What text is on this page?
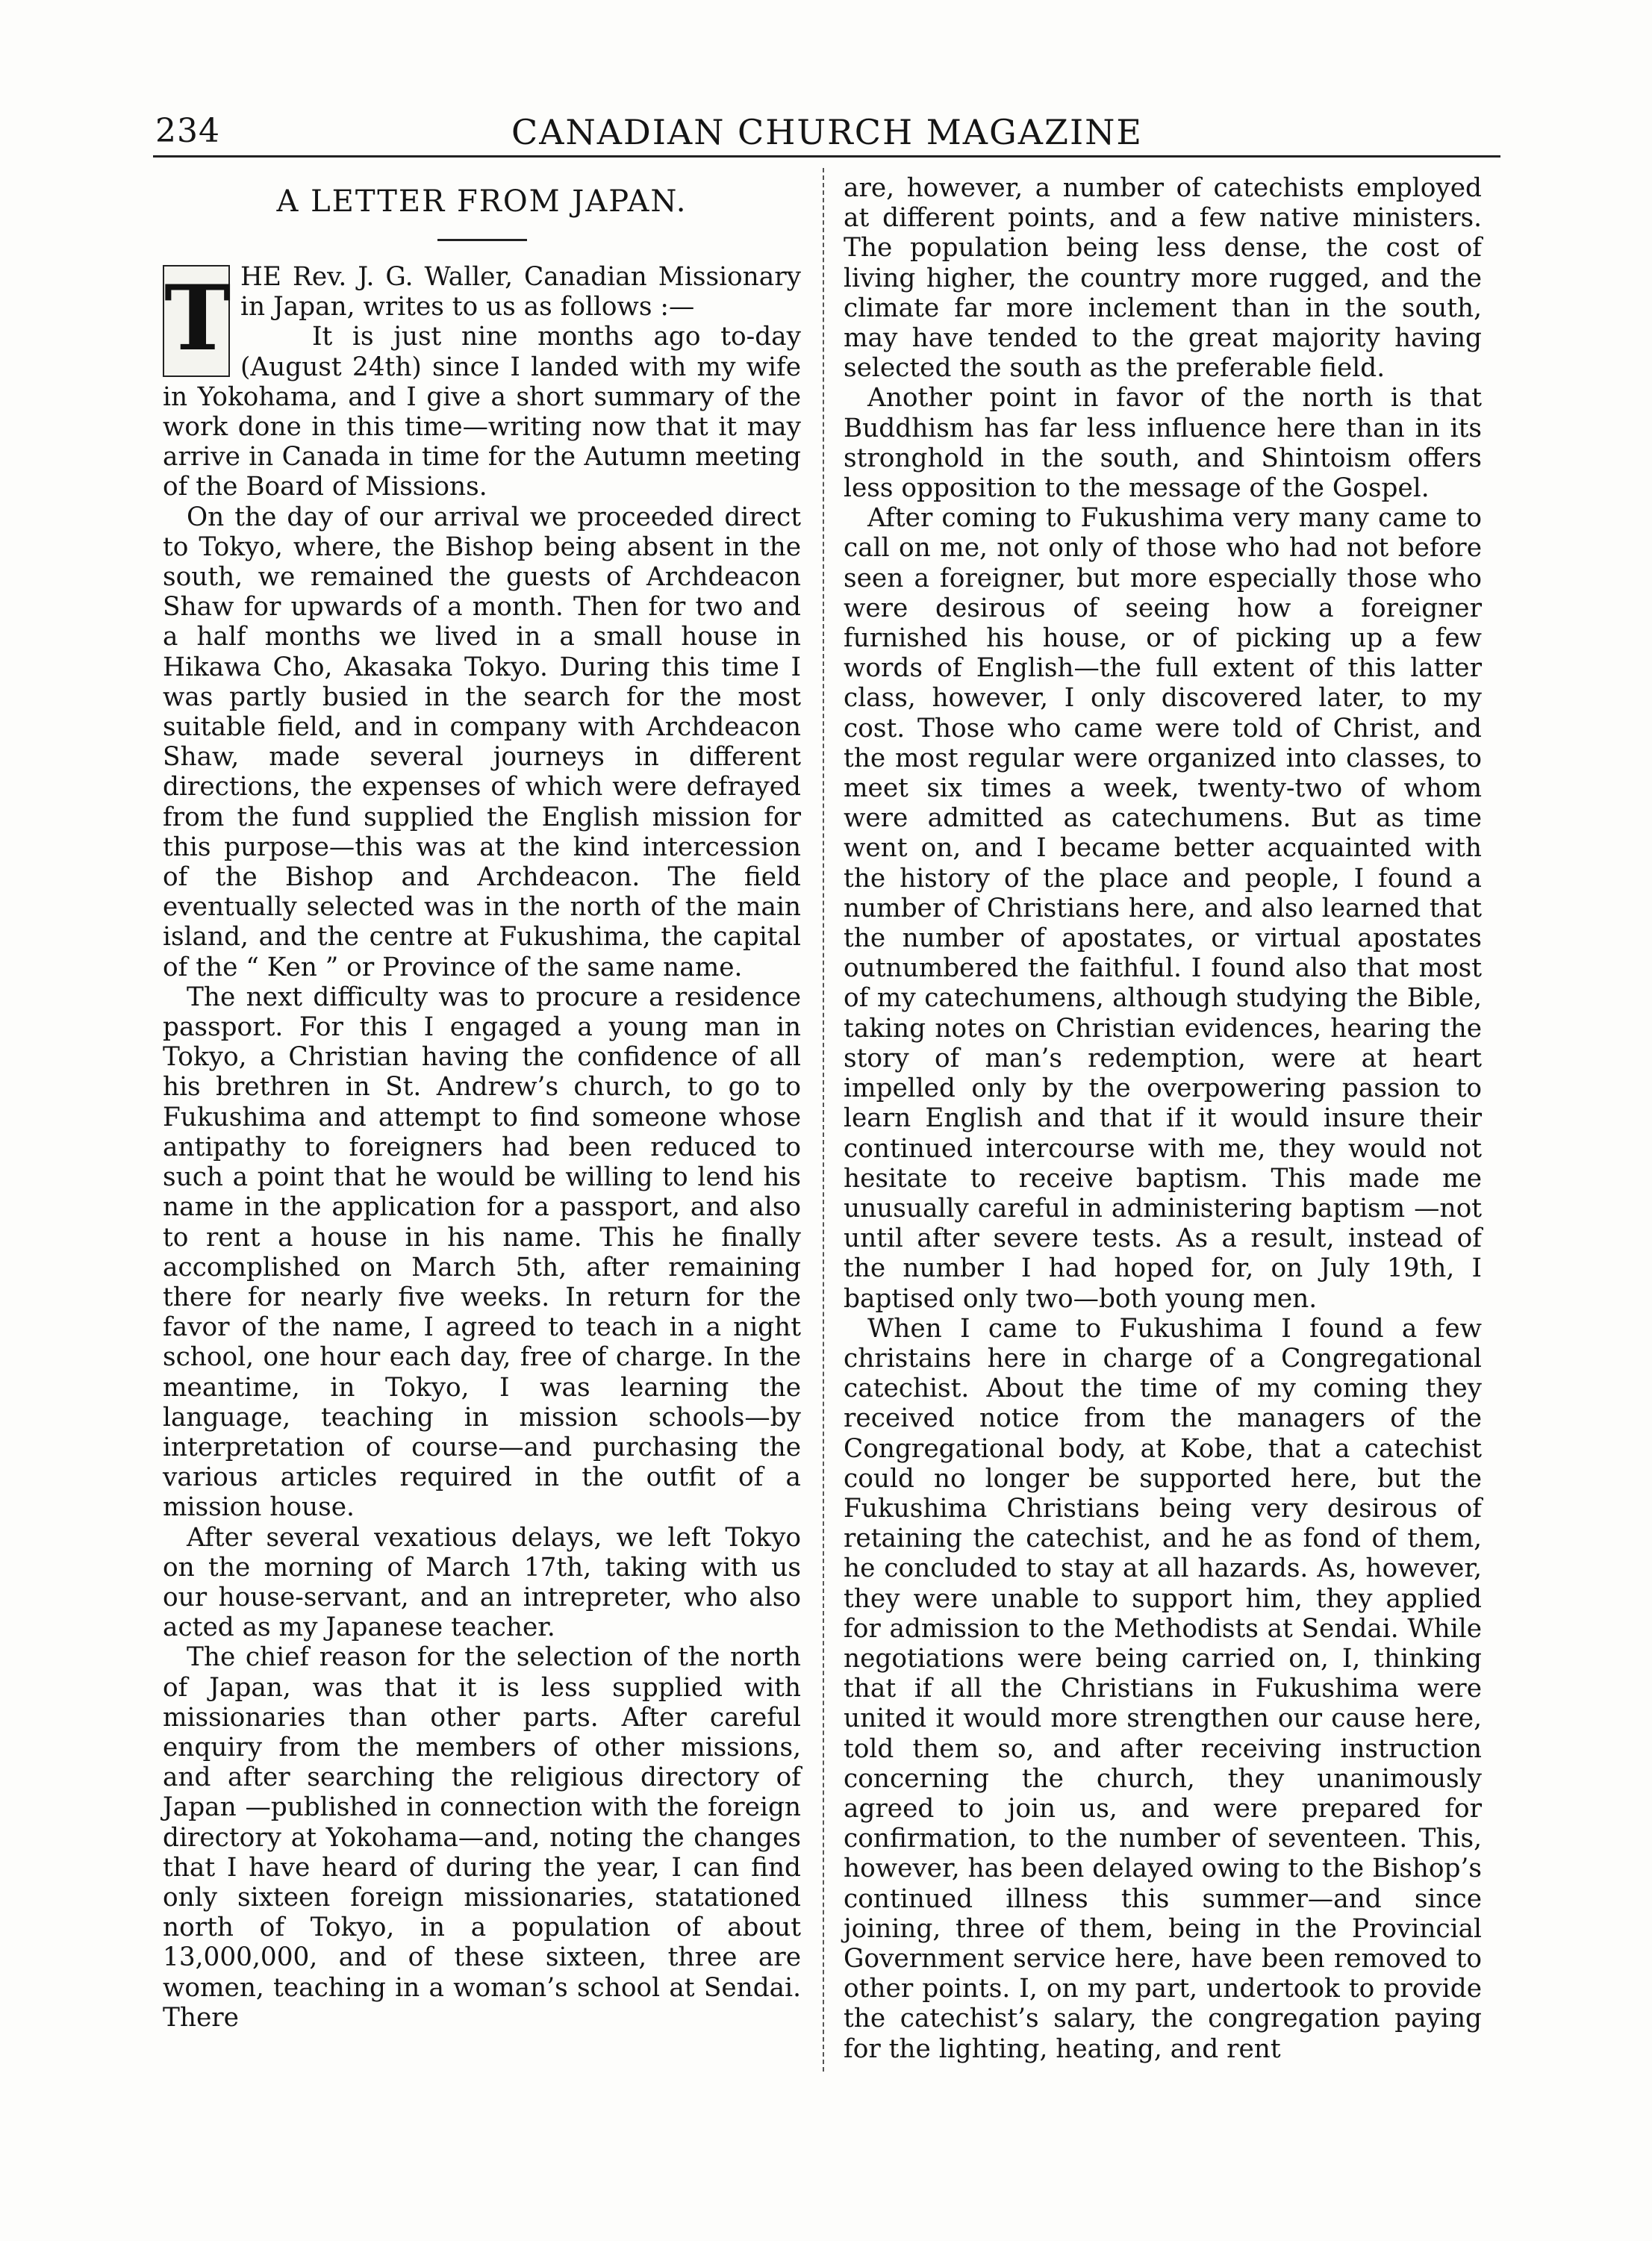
234	CANADIAN CHURCH MAGAZINE
A LETTER FROM JAPAN.
T HE Rev. J. G. Waller, Canadian Missionary in Japan, writes to us as follows :—

It is just nine months ago to-day (August 24th) since I landed with my wife in Yokohama, and I give a short summary of the work done in this time—writing now that it may arrive in Canada in time for the Autumn meeting of the Board of Missions.

On the day of our arrival we proceeded direct to Tokyo, where, the Bishop being absent in the south, we remained the guests of Archdeacon Shaw for upwards of a month. Then for two and a half months we lived in a small house in Hikawa Cho, Akasaka Tokyo. During this time I was partly busied in the search for the most suitable field, and in company with Archdeacon Shaw, made several journeys in different directions, the expenses of which were defrayed from the fund supplied the English mission for this purpose—this was at the kind intercession of the Bishop and Archdeacon. The field eventually selected was in the north of the main island, and the centre at Fukushima, the capital of the “ Ken ” or Province of the same name.

The next difficulty was to procure a residence passport. For this I engaged a young man in Tokyo, a Christian having the confidence of all his brethren in St. Andrew’s church, to go to Fukushima and attempt to find someone whose antipathy to foreigners had been reduced to such a point that he would be willing to lend his name in the application for a passport, and also to rent a house in his name. This he finally accomplished on March 5th, after remaining there for nearly five weeks. In return for the favor of the name, I agreed to teach in a night school, one hour each day, free of charge. In the meantime, in Tokyo, I was learning the language, teaching in mission schools—by interpretation of course—and purchasing the various articles required in the outfit of a mission house.

After several vexatious delays, we left Tokyo on the morning of March 17th, taking with us our house-servant, and an intrepreter, who also acted as my Japanese teacher.

The chief reason for the selection of the north of Japan, was that it is less supplied with missionaries than other parts. After careful enquiry from the members of other missions, and after searching the religious directory of Japan —published in connection with the foreign directory at Yokohama—and, noting the changes that I have heard of during the year, I can find only sixteen foreign missionaries, statationed north of Tokyo, in a population of about 13,000,000, and of these sixteen, three are women, teaching in a woman’s school at Sendai. There

are, however, a number of catechists employed at different points, and a few native ministers. The population being less dense, the cost of living higher, the country more rugged, and the climate far more inclement than in the south, may have tended to the great majority having selected the south as the preferable field.

Another point in favor of the north is that Buddhism has far less influence here than in its stronghold in the south, and Shintoism offers less opposition to the message of the Gospel.

After coming to Fukushima very many came to call on me, not only of those who had not before seen a foreigner, but more especially those who were desirous of seeing how a foreigner furnished his house, or of picking up a few words of English—the full extent of this latter class, however, I only discovered later, to my cost. Those who came were told of Christ, and the most regular were organized into classes, to meet six times a week, twenty-two of whom were admitted as catechumens. But as time went on, and I became better acquainted with the history of the place and people, I found a number of Christians here, and also learned that the number of apostates, or virtual apostates outnumbered the faithful. I found also that most of my catechumens, although studying the Bible, taking notes on Christian evidences, hearing the story of man’s redemption, were at heart impelled only by the overpowering passion to learn English and that if it would insure their continued intercourse with me, they would not hesitate to receive baptism. This made me unusually careful in administering baptism —not until after severe tests. As a result, instead of the number I had hoped for, on July 19th, I baptised only two—both young men.

When I came to Fukushima I found a few christains here in charge of a Congregational catechist. About the time of my coming they received notice from the managers of the Congregational body, at Kobe, that a catechist could no longer be supported here, but the Fukushima Christians being very desirous of retaining the catechist, and he as fond of them, he concluded to stay at all hazards. As, however, they were unable to support him, they applied for admission to the Methodists at Sendai. While negotiations were being carried on, I, thinking that if all the Christians in Fukushima were united it would more strengthen our cause here, told them so, and after receiving instruction concerning the church, they unanimously agreed to join us, and were prepared for confirmation, to the number of seventeen. This, however, has been delayed owing to the Bishop’s continued illness this summer—and since joining, three of them, being in the Provincial Government service here, have been removed to other points. I, on my part, undertook to provide the catechist’s salary, the congregation paying for the lighting, heating, and rent
